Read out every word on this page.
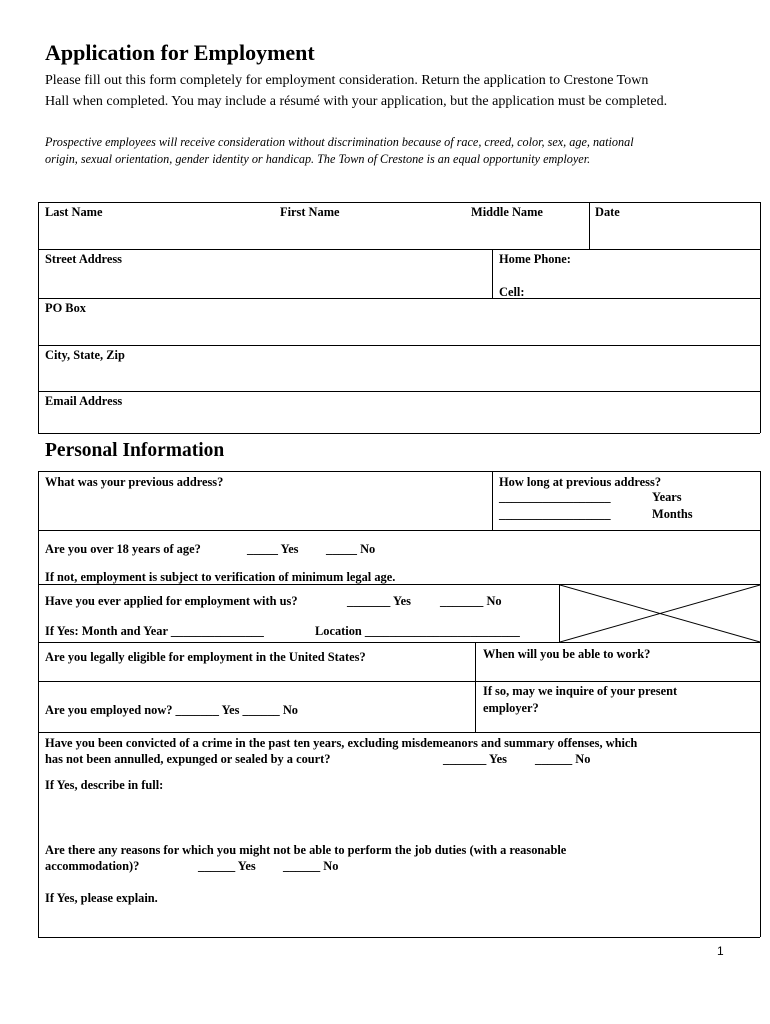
Application for Employment
Please fill out this form completely for employment consideration. Return the application to Crestone Town
Hall when completed. You may include a résumé with your application, but the application must be completed.
Prospective employees will receive consideration without discrimination because of race, creed, color, sex, age, national
origin, sexual orientation, gender identity or handicap. The Town of Crestone is an equal opportunity employer.
Last Name	First Name	Middle Name	Date
Street Address	Home Phone:
Cell:
PO Box
City, State, Zip
Email Address
Personal Information
What was your previous address?	How long at previous address?
__________________	Years
__________________	Months
Are you over 18 years of age?	_____ Yes _____ No
If not, employment is subject to verification of minimum legal age.
Have you ever applied for employment with us?	_______ Yes _______ No
If Yes: Month and Year _______________	Location _________________________
Are you legally eligible for employment in the United States?	When will you be able to work?
Are you employed now? _______ Yes ______ No
If so, may we inquire of your present
employer?
Have you been convicted of a crime in the past ten years, excluding misdemeanors and summary offenses, which
has not been annulled, expunged or sealed by a court?	_______ Yes ______ No
If Yes, describe in full:
Are there any reasons for which you might not be able to perform the job duties (with a reasonable
accommodation)?	______ Yes ______ No
If Yes, please explain.
1
